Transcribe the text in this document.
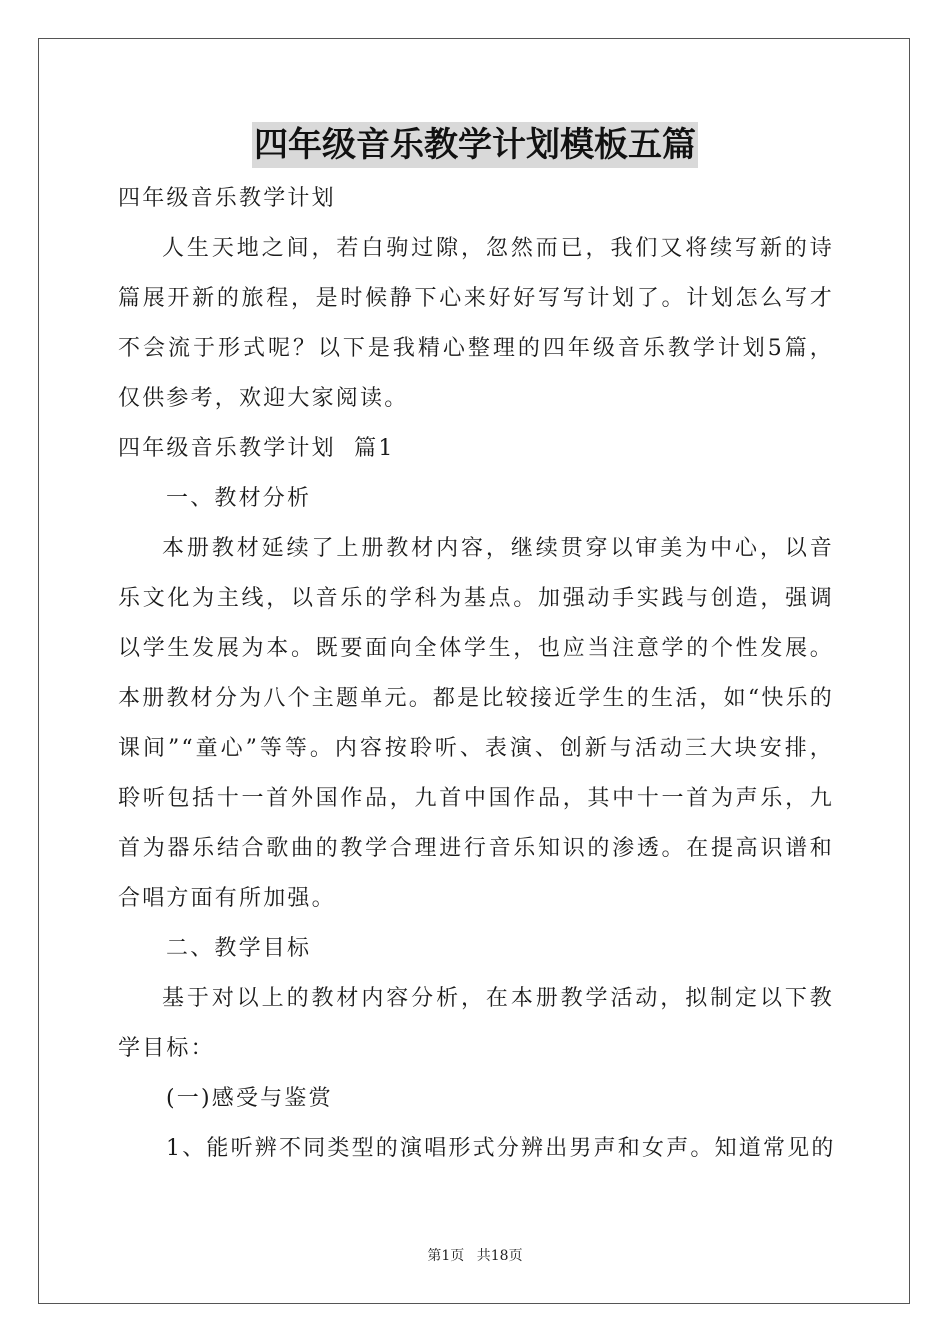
四年级音乐教学计划模板五篇
四年级音乐教学计划
人生天地之间，若白驹过隙，忽然而已，我们又将续写新的诗篇展开新的旅程，是时候静下心来好好写写计划了。计划怎么写才不会流于形式呢？以下是我精心整理的四年级音乐教学计划5篇，仅供参考，欢迎大家阅读。
四年级音乐教学计划  篇1
一、教材分析
本册教材延续了上册教材内容，继续贯穿以审美为中心，以音乐文化为主线，以音乐的学科为基点。加强动手实践与创造，强调以学生发展为本。既要面向全体学生，也应当注意学的个性发展。本册教材分为八个主题单元。都是比较接近学生的生活，如“快乐的课间”“童心”等等。内容按聆听、表演、创新与活动三大块安排，聆听包括十一首外国作品，九首中国作品，其中十一首为声乐，九首为器乐结合歌曲的教学合理进行音乐知识的渗透。在提高识谱和合唱方面有所加强。
二、教学目标
基于对以上的教材内容分析，在本册教学活动，拟制定以下教学目标：
(一)感受与鉴赏
1、能听辨不同类型的演唱形式分辨出男声和女声。知道常见的
第1页 共18页
